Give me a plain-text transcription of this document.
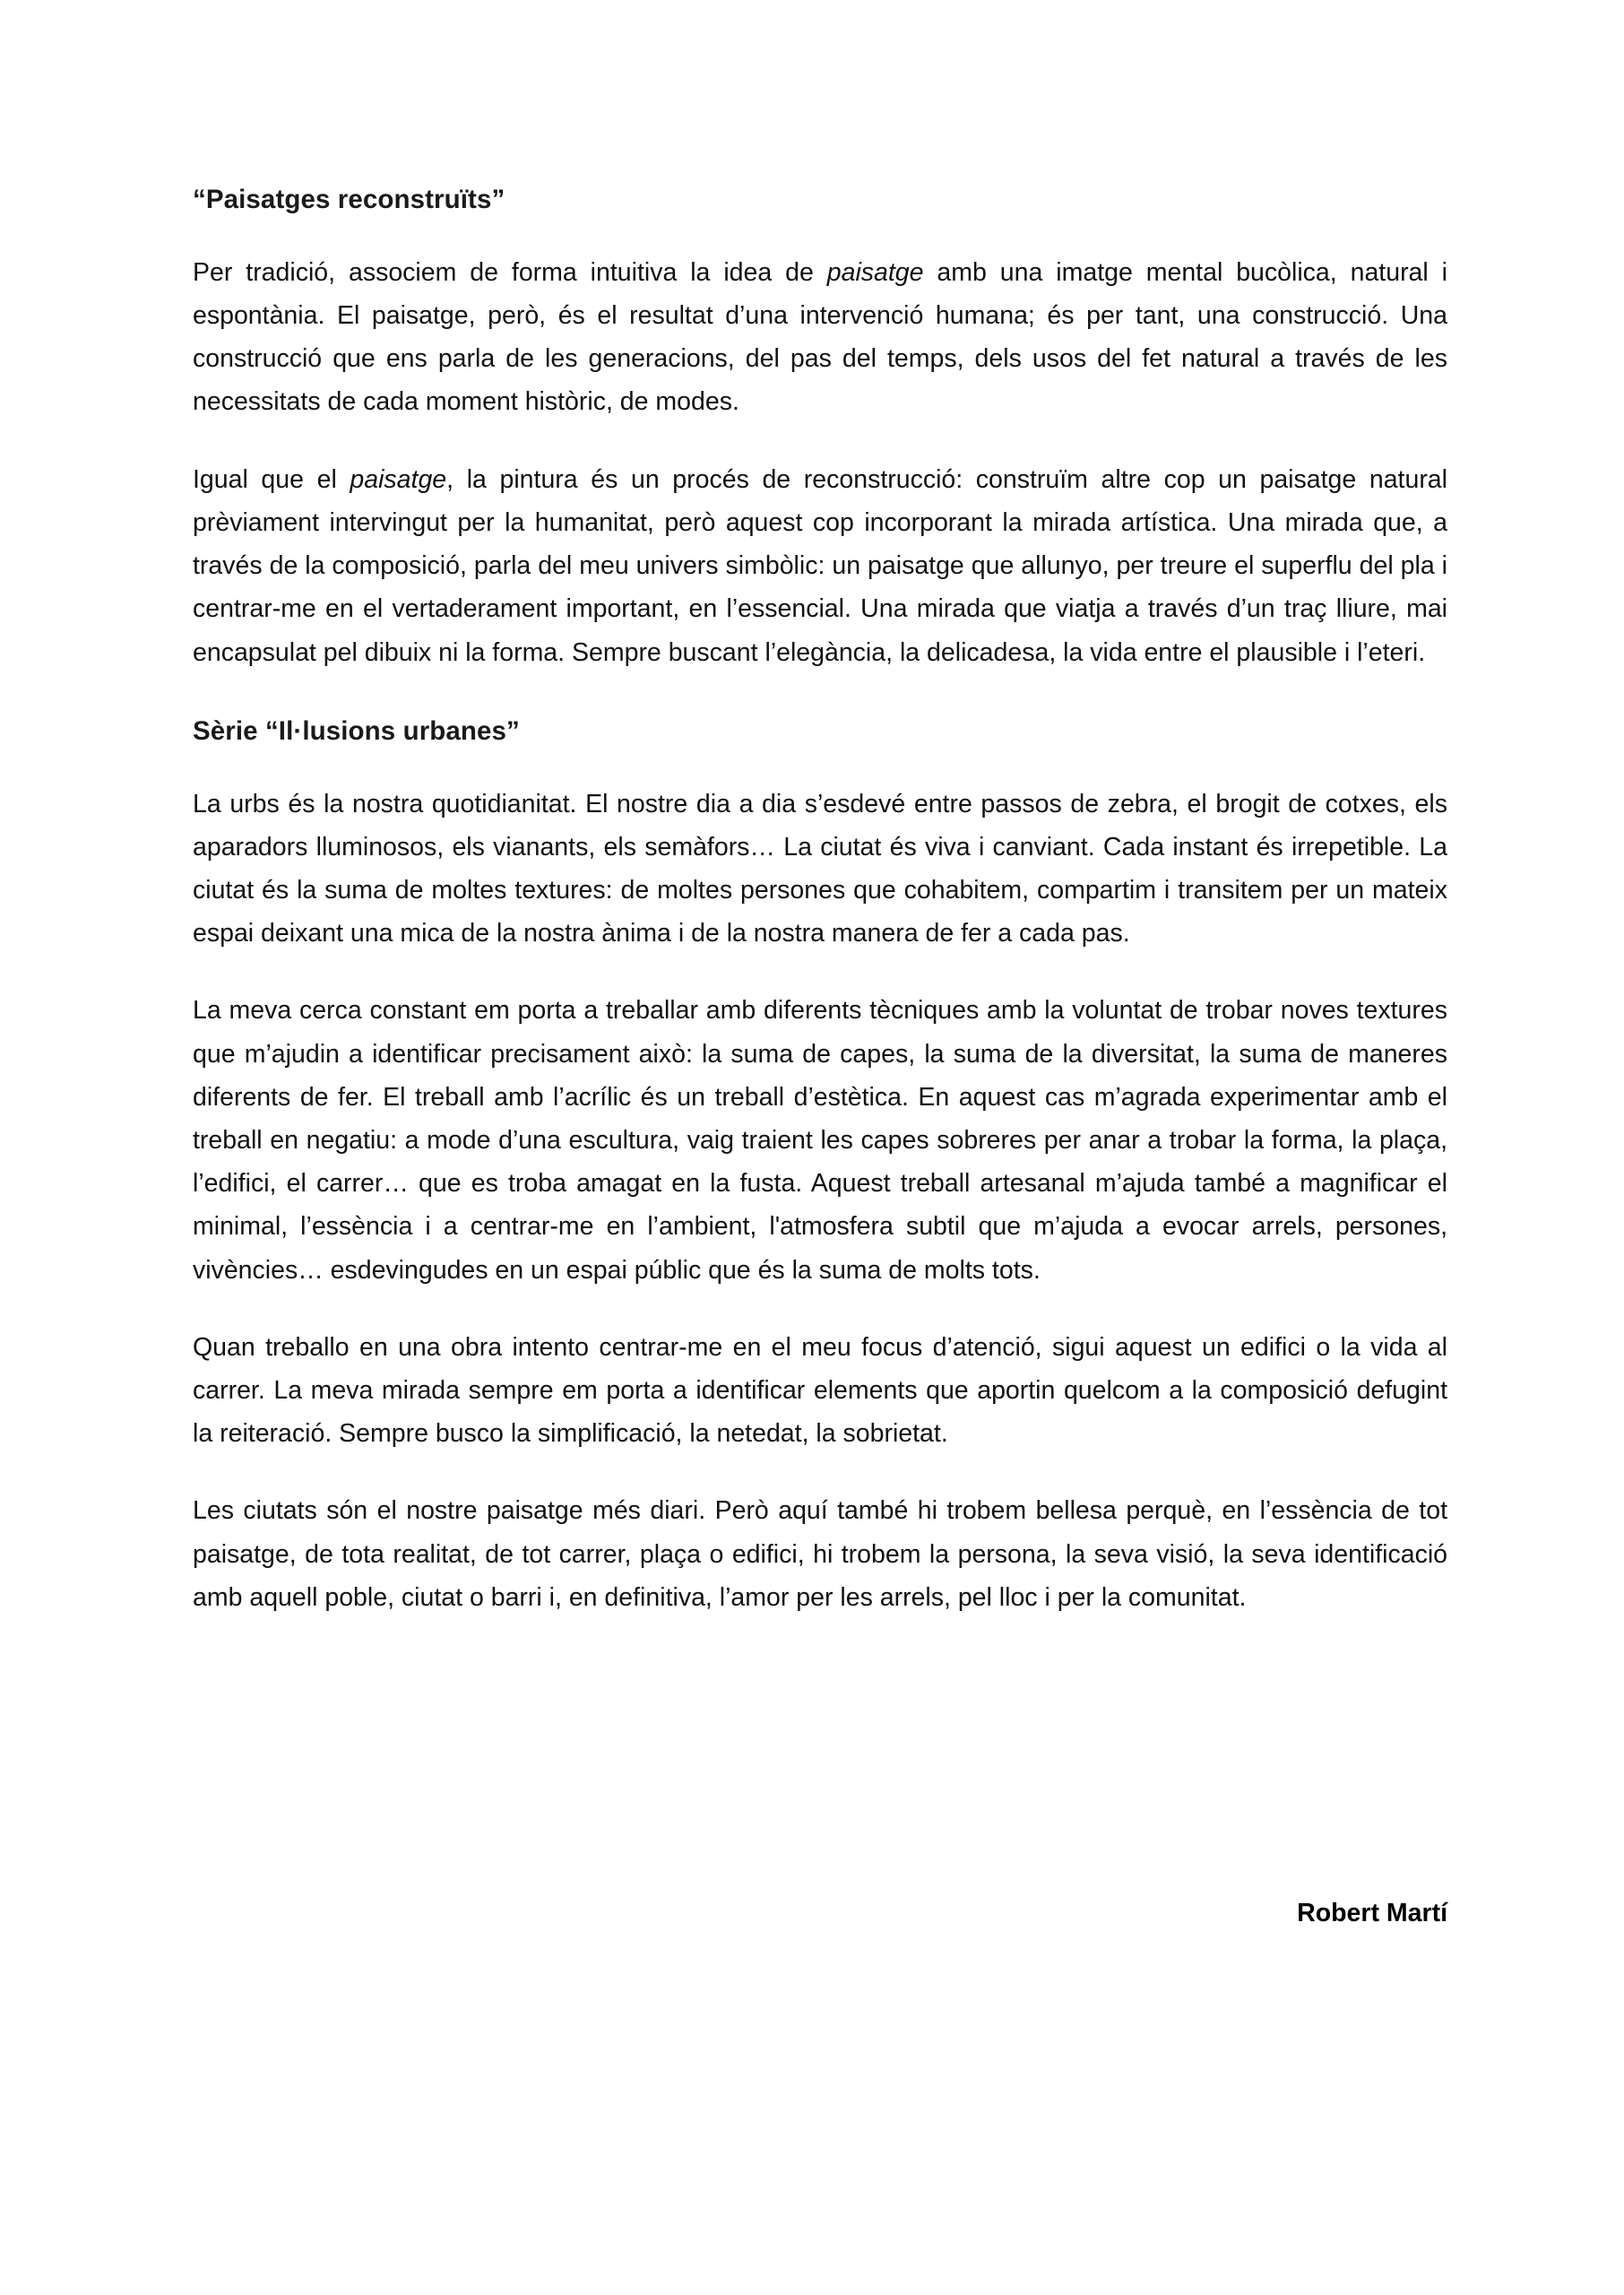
“Paisatges reconstruïts”

Per tradició, associem de forma intuitiva la idea de paisatge amb una imatge mental bucòlica, natural i espontània. El paisatge, però, és el resultat d’una intervenció humana; és per tant, una construcció. Una construcció que ens parla de les generacions, del pas del temps, dels usos del fet natural a través de les necessitats de cada moment històric, de modes.

Igual que el paisatge, la pintura és un procés de reconstrucció: construïm altre cop un paisatge natural prèviament intervingut per la humanitat, però aquest cop incorporant la mirada artística. Una mirada que, a través de la composició, parla del meu univers simbòlic: un paisatge que allunyo, per treure el superflu del pla i centrar-me en el vertaderament important, en l’essencial. Una mirada que viatja a través d’un traç lliure, mai encapsulat pel dibuix ni la forma. Sempre buscant l’elegància, la delicadesa, la vida entre el plausible i l’eteri.

Sèrie “Il·lusions urbanes”

La urbs és la nostra quotidianitat. El nostre dia a dia s’esdevé entre passos de zebra, el brogit de cotxes, els aparadors lluminosos, els vianants, els semàfors… La ciutat és viva i canviant. Cada instant és irrepetible. La ciutat és la suma de moltes textures: de moltes persones que cohabitem, compartim i transitem per un mateix espai deixant una mica de la nostra ànima i de la nostra manera de fer a cada pas.

La meva cerca constant em porta a treballar amb diferents tècniques amb la voluntat de trobar noves textures que m’ajudin a identificar precisament això: la suma de capes, la suma de la diversitat, la suma de maneres diferents de fer. El treball amb l’acrílic és un treball d’estètica. En aquest cas m’agrada experimentar amb el treball en negatiu: a mode d’una escultura, vaig traient les capes sobreres per anar a trobar la forma, la plaça, l’edifici, el carrer… que es troba amagat en la fusta. Aquest treball artesanal m’ajuda també a magnificar el minimal, l’essència i a centrar-me en l’ambient, l'atmosfera subtil que m’ajuda a evocar arrels, persones, vivències… esdevingudes en un espai públic que és la suma de molts tots.

Quan treballo en una obra intento centrar-me en el meu focus d’atenció, sigui aquest un edifici o la vida al carrer. La meva mirada sempre em porta a identificar elements que aportin quelcom a la composició defugint la reiteració. Sempre busco la simplificació, la netedat, la sobrietat.

Les ciutats són el nostre paisatge més diari. Però aquí també hi trobem bellesa perquè, en l’essència de tot paisatge, de tota realitat, de tot carrer, plaça o edifici, hi trobem la persona, la seva visió, la seva identificació amb aquell poble, ciutat o barri i, en definitiva, l’amor per les arrels, pel lloc i per la comunitat.

Robert Martí
